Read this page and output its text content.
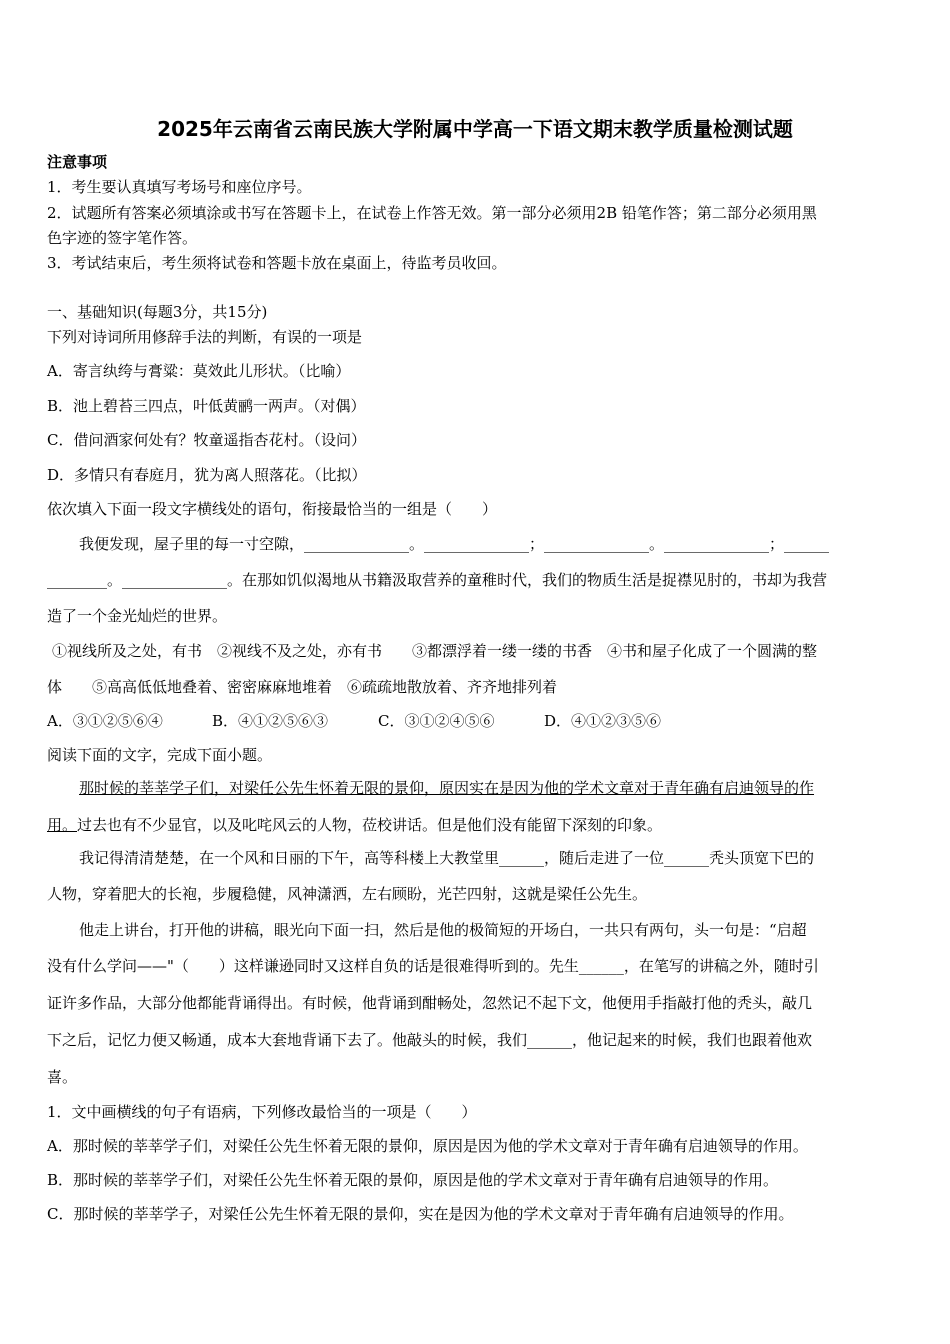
2025年云南省云南民族大学附属中学高一下语文期末教学质量检测试题
注意事项
1．考生要认真填写考场号和座位序号。
2．试题所有答案必须填涂或书写在答题卡上，在试卷上作答无效。第一部分必须用2B 铅笔作答；第二部分必须用黑
色字迹的签字笔作答。
3．考试结束后，考生须将试卷和答题卡放在桌面上，待监考员收回。
一、基础知识(每题3分，共15分)
下列对诗词所用修辞手法的判断，有误的一项是
A．寄言纨绔与膏粱：莫效此儿形状。（比喻）
B．池上碧苔三四点，叶低黄鹂一两声。（对偶）
C．借问酒家何处有？牧童遥指杏花村。（设问）
D．多情只有春庭月，犹为离人照落花。（比拟）
依次填入下面一段文字横线处的语句，衔接最恰当的一组是（　　）
我便发现，屋子里的每一寸空隙，______________。______________；______________。______________；______
________。______________。在那如饥似渴地从书籍汲取营养的童稚时代，我们的物质生活是捉襟见肘的，书却为我营
造了一个金光灿烂的世界。
①视线所及之处，有书　②视线不及之处，亦有书　　③都漂浮着一缕一缕的书香　④书和屋子化成了一个圆满的整
体　　⑤高高低低地叠着、密密麻麻地堆着　⑥疏疏地散放着、齐齐地排列着
A．③①②⑤⑥④	B．④①②⑤⑥③	C．③①②④⑤⑥	D．④①②③⑤⑥
阅读下面的文字，完成下面小题。
那时候的莘莘学子们，对梁任公先生怀着无限的景仰，原因实在是因为他的学术文章对于青年确有启迪领导的作
用。过去也有不少显官，以及叱咤风云的人物，莅校讲话。但是他们没有能留下深刻的印象。
我记得清清楚楚，在一个风和日丽的下午，高等科楼上大教堂里______，随后走进了一位______秃头顶宽下巴的
人物，穿着肥大的长袍，步履稳健，风神潇洒，左右顾盼，光芒四射，这就是梁任公先生。
他走上讲台，打开他的讲稿，眼光向下面一扫，然后是他的极简短的开场白，一共只有两句，头一句是：“启超
没有什么学问——"（　　）这样谦逊同时又这样自负的话是很难得听到的。先生______，在笔写的讲稿之外，随时引
证许多作品，大部分他都能背诵得出。有时候，他背诵到酣畅处，忽然记不起下文，他便用手指敲打他的秃头，敲几
下之后，记忆力便又畅通，成本大套地背诵下去了。他敲头的时候，我们______，他记起来的时候，我们也跟着他欢
喜。
1．文中画横线的句子有语病，下列修改最恰当的一项是（　　）
A．那时候的莘莘学子们，对梁任公先生怀着无限的景仰，原因是因为他的学术文章对于青年确有启迪领导的作用。
B．那时候的莘莘学子们，对梁任公先生怀着无限的景仰，原因是他的学术文章对于青年确有启迪领导的作用。
C．那时候的莘莘学子，对梁任公先生怀着无限的景仰，实在是因为他的学术文章对于青年确有启迪领导的作用。
